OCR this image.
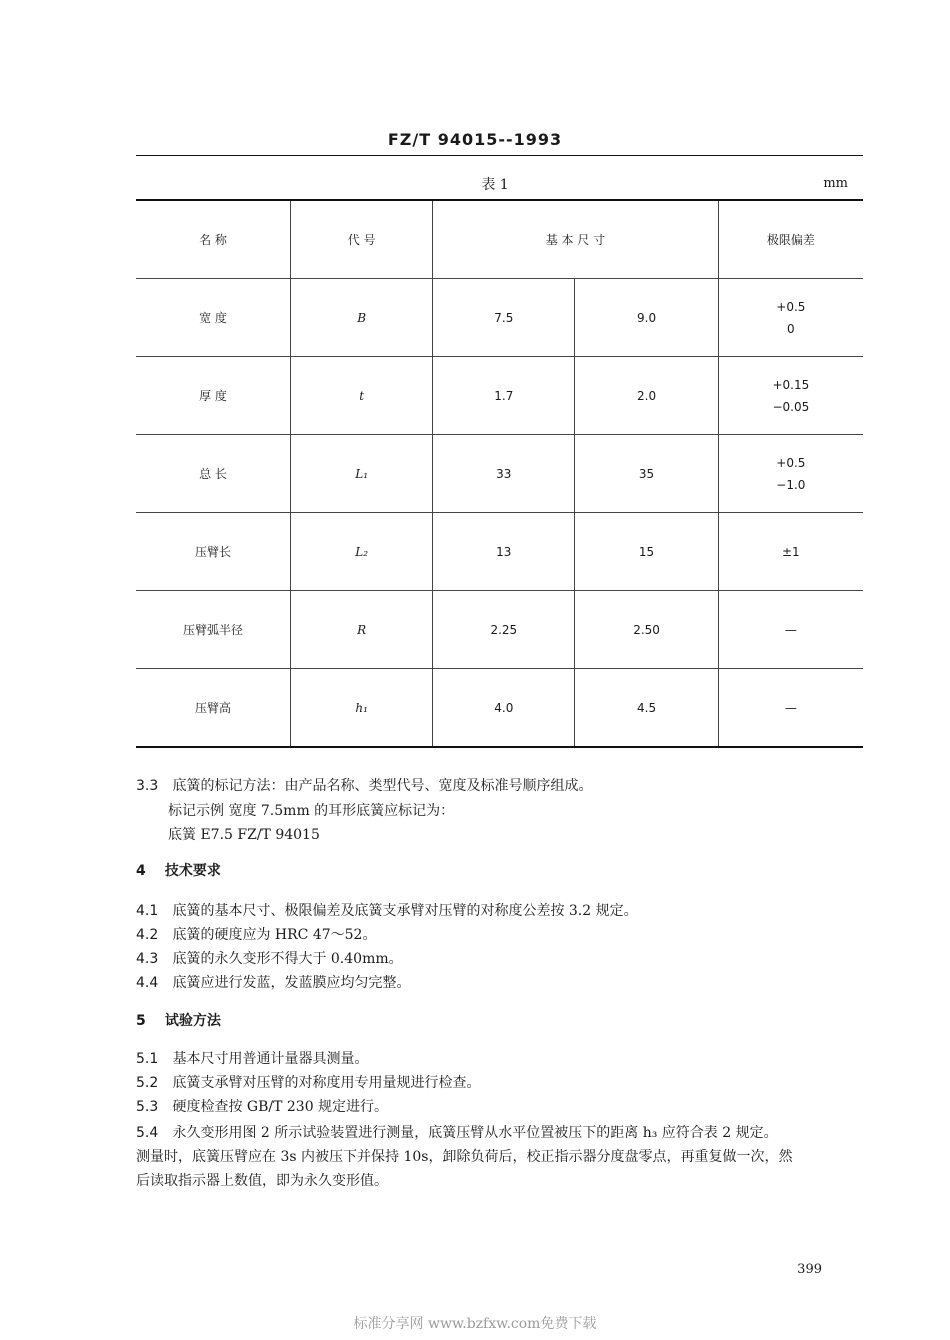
FZ/T 94015--1993
表 1	mm
名 称	代 号	基 本 尺 寸		极限偏差
宽 度	B	7.5	9.0	+0.5
0

厚 度	t	1.7	2.0	+0.15
−0.05

总 长	L₁	33	35	+0.5
−1.0

压臂长	L₂	13	15	±1
压臂弧半径	R	2.25	2.50	—
压臂高	h₁	4.0	4.5	—
3.3 底簧的标记方法：由产品名称、类型代号、宽度及标准号顺序组成。
标记示例 宽度 7.5mm 的耳形底簧应标记为：
底簧 E7.5 FZ/T 94015
4 技术要求
4.1 底簧的基本尺寸、极限偏差及底簧支承臂对压臂的对称度公差按 3.2 规定。
4.2 底簧的硬度应为 HRC 47～52。
4.3 底簧的永久变形不得大于 0.40mm。
4.4 底簧应进行发蓝，发蓝膜应均匀完整。
5 试验方法
5.1 基本尺寸用普通计量器具测量。
5.2 底簧支承臂对压臂的对称度用专用量规进行检查。
5.3 硬度检查按 GB/T 230 规定进行。
5.4 永久变形用图 2 所示试验装置进行测量，底簧压臂从水平位置被压下的距离 h₃ 应符合表 2 规定。
测量时，底簧压臂应在 3s 内被压下并保持 10s，卸除负荷后，校正指示器分度盘零点，再重复做一次，然
后读取指示器上数值，即为永久变形值。
399
标准分享网 www.bzfxw.com免费下载
